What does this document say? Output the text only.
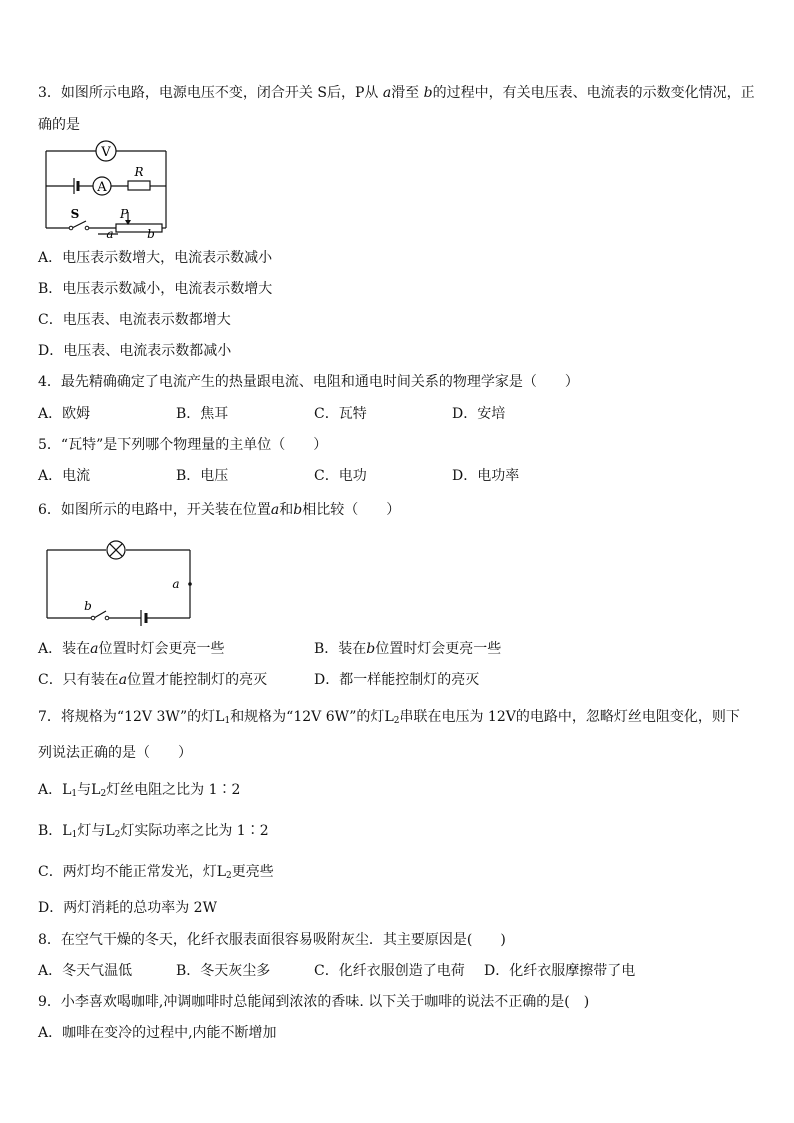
3．如图所示电路，电源电压不变，闭合开关 S后，P从 a滑至 b的过程中，有关电压表、电流表的示数变化情况，正
确的是
V
A
R
S	P
a	b
A．电压表示数增大，电流表示数减小
B．电压表示数减小，电流表示数增大
C．电压表、电流表示数都增大
D．电压表、电流表示数都减小
4．最先精确确定了电流产生的热量跟电流、电阻和通电时间关系的物理学家是（　　）
A．欧姆	B．焦耳	C．瓦特	D．安培
5．“瓦特”是下列哪个物理量的主单位（　　）
A．电流	B．电压	C．电功	D．电功率
6．如图所示的电路中，开关装在位置a和b相比较（　　）
b
a
A．装在a位置时灯会更亮一些	B．装在b位置时灯会更亮一些
C．只有装在a位置才能控制灯的亮灭	D．都一样能控制灯的亮灭
7．将规格为“12V 3W”的灯$L_1$和规格为“12V 6W”的灯$L_2$串联在电压为 12V的电路中，忽略灯丝电阻变化，则下
列说法正确的是（　　）
A．$L_1$与$L_2$灯丝电阻之比为 1∶2
B．$L_1$灯与$L_2$灯实际功率之比为 1∶2
C．两灯均不能正常发光，灯$L_2$更亮些
D．两灯消耗的总功率为 2W
8．在空气干燥的冬天，化纤衣服表面很容易吸附灰尘．其主要原因是(　　)
A．冬天气温低	B．冬天灰尘多	C．化纤衣服创造了电荷 D．化纤衣服摩擦带了电
9．小李喜欢喝咖啡,冲调咖啡时总能闻到浓浓的香味. 以下关于咖啡的说法不正确的是(　)
A．咖啡在变冷的过程中,内能不断增加
